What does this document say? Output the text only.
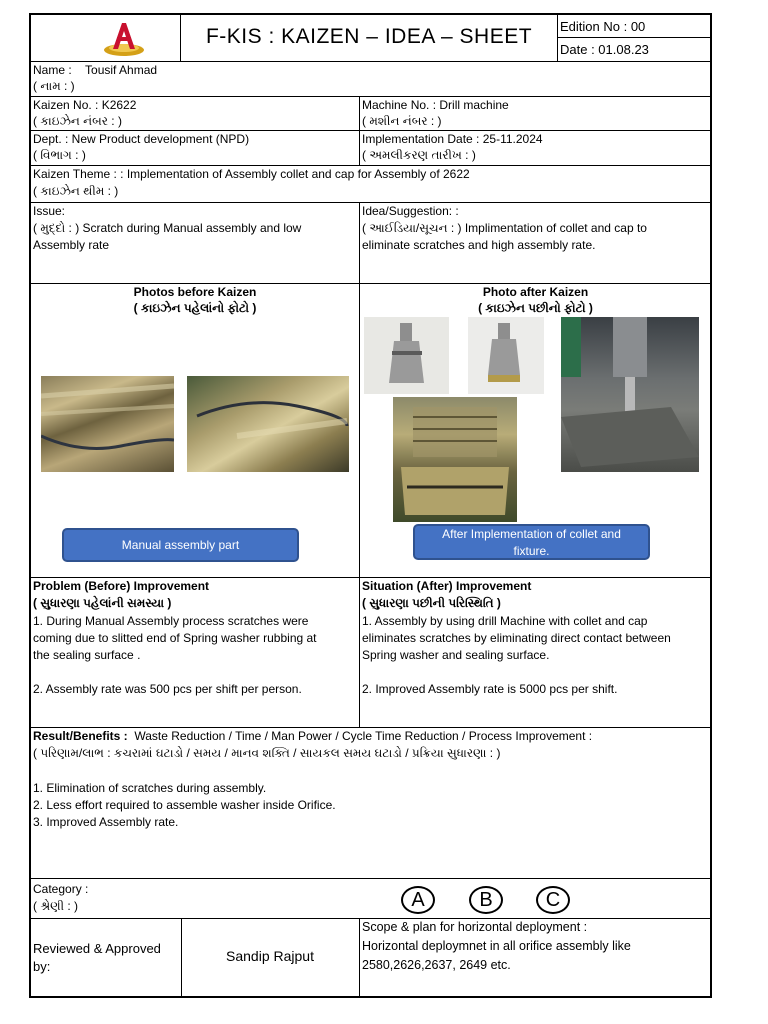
F-KIS : KAIZEN – IDEA – SHEET	Edition No : 00
Date : 01.08.23
Name : Tousif Ahmad
( નામ : )
Kaizen No. : K2622
( કાઇઝેન નંબર : )
Machine No. : Drill machine
( મશીન નંબર : )
Dept. : New Product development (NPD)
( વિભાગ : )
Implementation Date : 25-11.2024
( અમલીકરણ તારીખ : )
Kaizen Theme : : Implementation of Assembly collet and cap for Assembly of 2622
( કાઇઝેન થીમ : )
Issue:
( મુદ્દો : ) Scratch during Manual assembly and low
Assembly rate
Idea/Suggestion: :
( આઈડિયા/સૂચન : ) Implimentation of collet and cap to
eliminate scratches and high assembly rate.
Photos before Kaizen
( કાઇઝેન પહેલાંનો ફોટો )
Manual assembly part
Photo after Kaizen
( કાઇઝેન પછીનો ફોટો )
After Implementation of collet and
fixture.
Problem (Before) Improvement
( સુધારણા પહેલાંની સમસ્યા )
1. During Manual Assembly process scratches were
coming due to slitted end of Spring washer rubbing at
the sealing surface .
2. Assembly rate was 500 pcs per shift per person.
Situation (After) Improvement
( સુધારણા પછીની પરિસ્થિતિ )
1. Assembly by using drill Machine with collet and cap
eliminates scratches by eliminating direct contact between
Spring washer and sealing surface.
2. Improved Assembly rate is 5000 pcs per shift.
Result/Benefits : Waste Reduction / Time / Man Power / Cycle Time Reduction / Process Improvement :
( પરિણામ/લાભ : કચરામાં ઘટાડો / સમય / માનવ શક્તિ / સાયકલ સમય ઘટાડો / પ્રક્રિયા સુધારણા : )
1. Elimination of scratches during assembly.
2. Less effort required to assemble washer inside Orifice.
3. Improved Assembly rate.
Category :
( શ્રેણી : )	A	B	C
Reviewed & Approved
by:
Sandip Rajput
Scope & plan for horizontal deployment :
Horizontal deploymnet in all orifice assembly like
2580,2626,2637, 2649 etc.
